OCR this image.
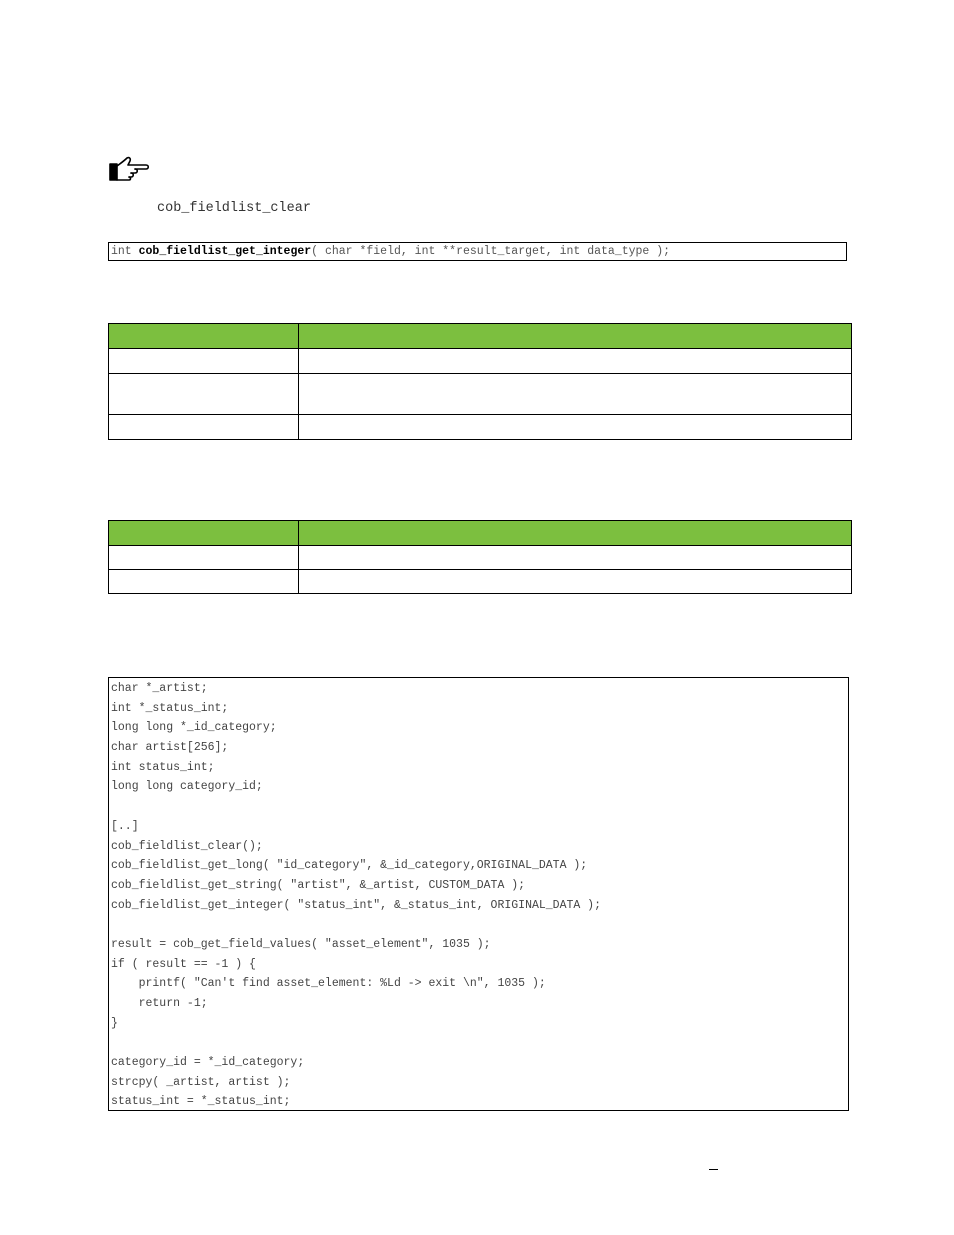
cob_fieldlist_clear
int cob_fieldlist_get_integer( char *field, int **result_target, int data_type );

char *_artist;
int *_status_int;
long long *_id_category;
char artist[256];
int status_int;
long long category_id;
[..]
cob_fieldlist_clear();
cob_fieldlist_get_long( "id_category", &_id_category,ORIGINAL_DATA );
cob_fieldlist_get_string( "artist", &_artist, CUSTOM_DATA );
cob_fieldlist_get_integer( "status_int", &_status_int, ORIGINAL_DATA );
result = cob_get_field_values( "asset_element", 1035 );
if ( result == -1 ) {
printf( "Can't find asset_element: %Ld -> exit \n", 1035 );
return -1;
}
category_id = *_id_category;
strcpy( _artist, artist );
status_int = *_status_int;
